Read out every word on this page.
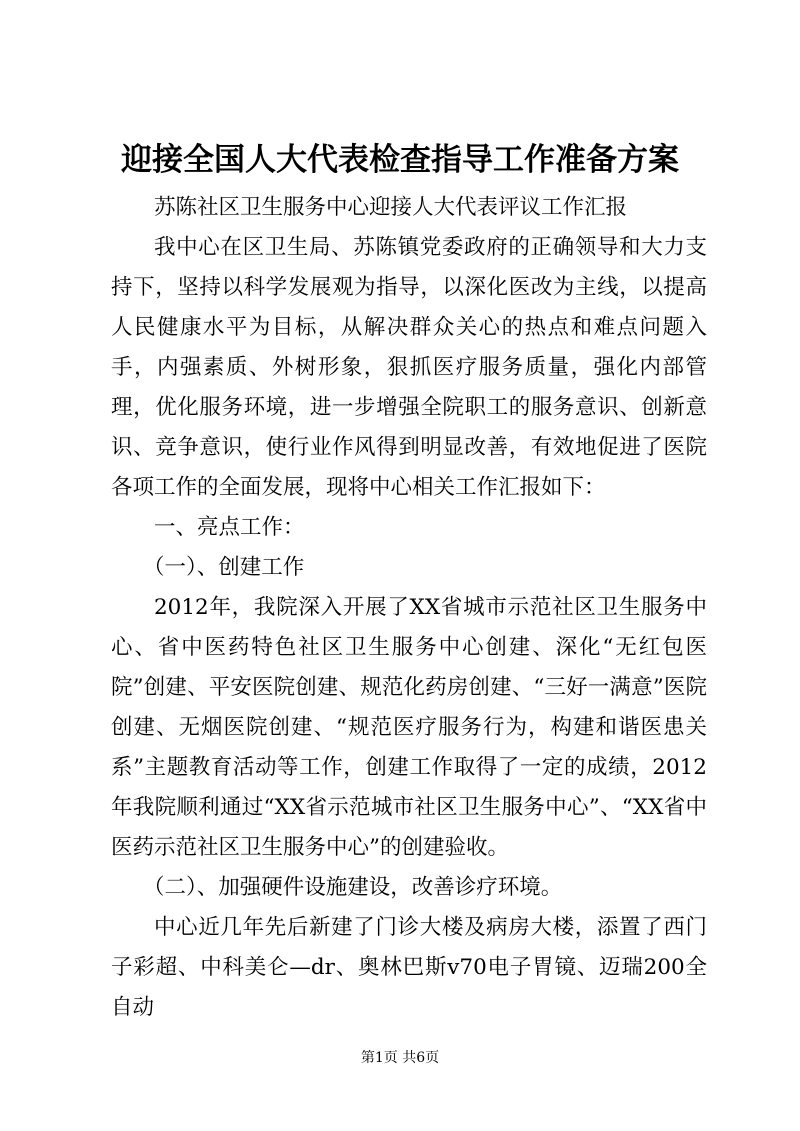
迎接全国人大代表检查指导工作准备方案

苏陈社区卫生服务中心迎接人大代表评议工作汇报

我中心在区卫生局、苏陈镇党委政府的正确领导和大力支持下，坚持以科学发展观为指导，以深化医改为主线，以提高人民健康水平为目标，从解决群众关心的热点和难点问题入手，内强素质、外树形象，狠抓医疗服务质量，强化内部管理，优化服务环境，进一步增强全院职工的服务意识、创新意识、竞争意识，使行业作风得到明显改善，有效地促进了医院各项工作的全面发展，现将中心相关工作汇报如下：

一、亮点工作：

（一）、创建工作

2012年，我院深入开展了XX省城市示范社区卫生服务中心、省中医药特色社区卫生服务中心创建、深化“无红包医院”创建、平安医院创建、规范化药房创建、“三好一满意”医院创建、无烟医院创建、“规范医疗服务行为，构建和谐医患关系”主题教育活动等工作，创建工作取得了一定的成绩，2012年我院顺利通过“XX省示范城市社区卫生服务中心”、“XX省中医药示范社区卫生服务中心”的创建验收。

（二）、加强硬件设施建设，改善诊疗环境。

中心近几年先后新建了门诊大楼及病房大楼，添置了西门子彩超、中科美仑—dr、奥林巴斯v70电子胃镜、迈瑞200全自动

第1页 共6页
